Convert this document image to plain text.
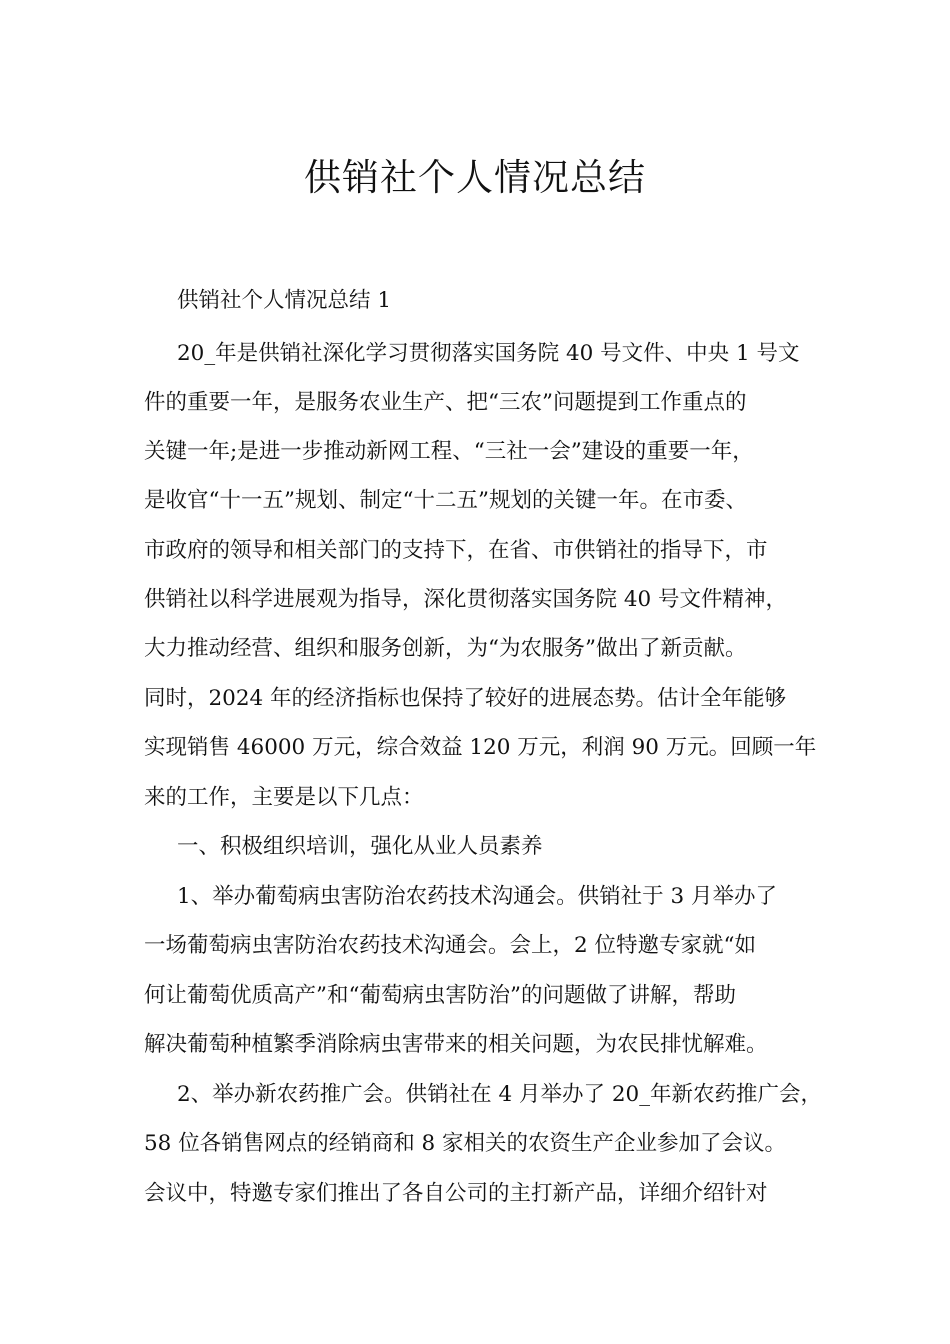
供销社个人情况总结
供销社个人情况总结 1
20_年是供销社深化学习贯彻落实国务院 40 号文件、中央 1 号文
件的重要一年，是服务农业生产、把“三农”问题提到工作重点的
关键一年;是进一步推动新网工程、“三社一会”建设的重要一年，
是收官“十一五”规划、制定“十二五”规划的关键一年。在市委、
市政府的领导和相关部门的支持下，在省、市供销社的指导下，市
供销社以科学进展观为指导，深化贯彻落实国务院 40 号文件精神，
大力推动经营、组织和服务创新，为“为农服务”做出了新贡献。
同时，2024 年的经济指标也保持了较好的进展态势。估计全年能够
实现销售 46000 万元，综合效益 120 万元，利润 90 万元。回顾一年
来的工作，主要是以下几点：
一、积极组织培训，强化从业人员素养
1、举办葡萄病虫害防治农药技术沟通会。供销社于 3 月举办了
一场葡萄病虫害防治农药技术沟通会。会上，2 位特邀专家就“如
何让葡萄优质高产”和“葡萄病虫害防治”的问题做了讲解，帮助
解决葡萄种植繁季消除病虫害带来的相关问题，为农民排忧解难。
2、举办新农药推广会。供销社在 4 月举办了 20_年新农药推广会，
58 位各销售网点的经销商和 8 家相关的农资生产企业参加了会议。
会议中，特邀专家们推出了各自公司的主打新产品，详细介绍针对
